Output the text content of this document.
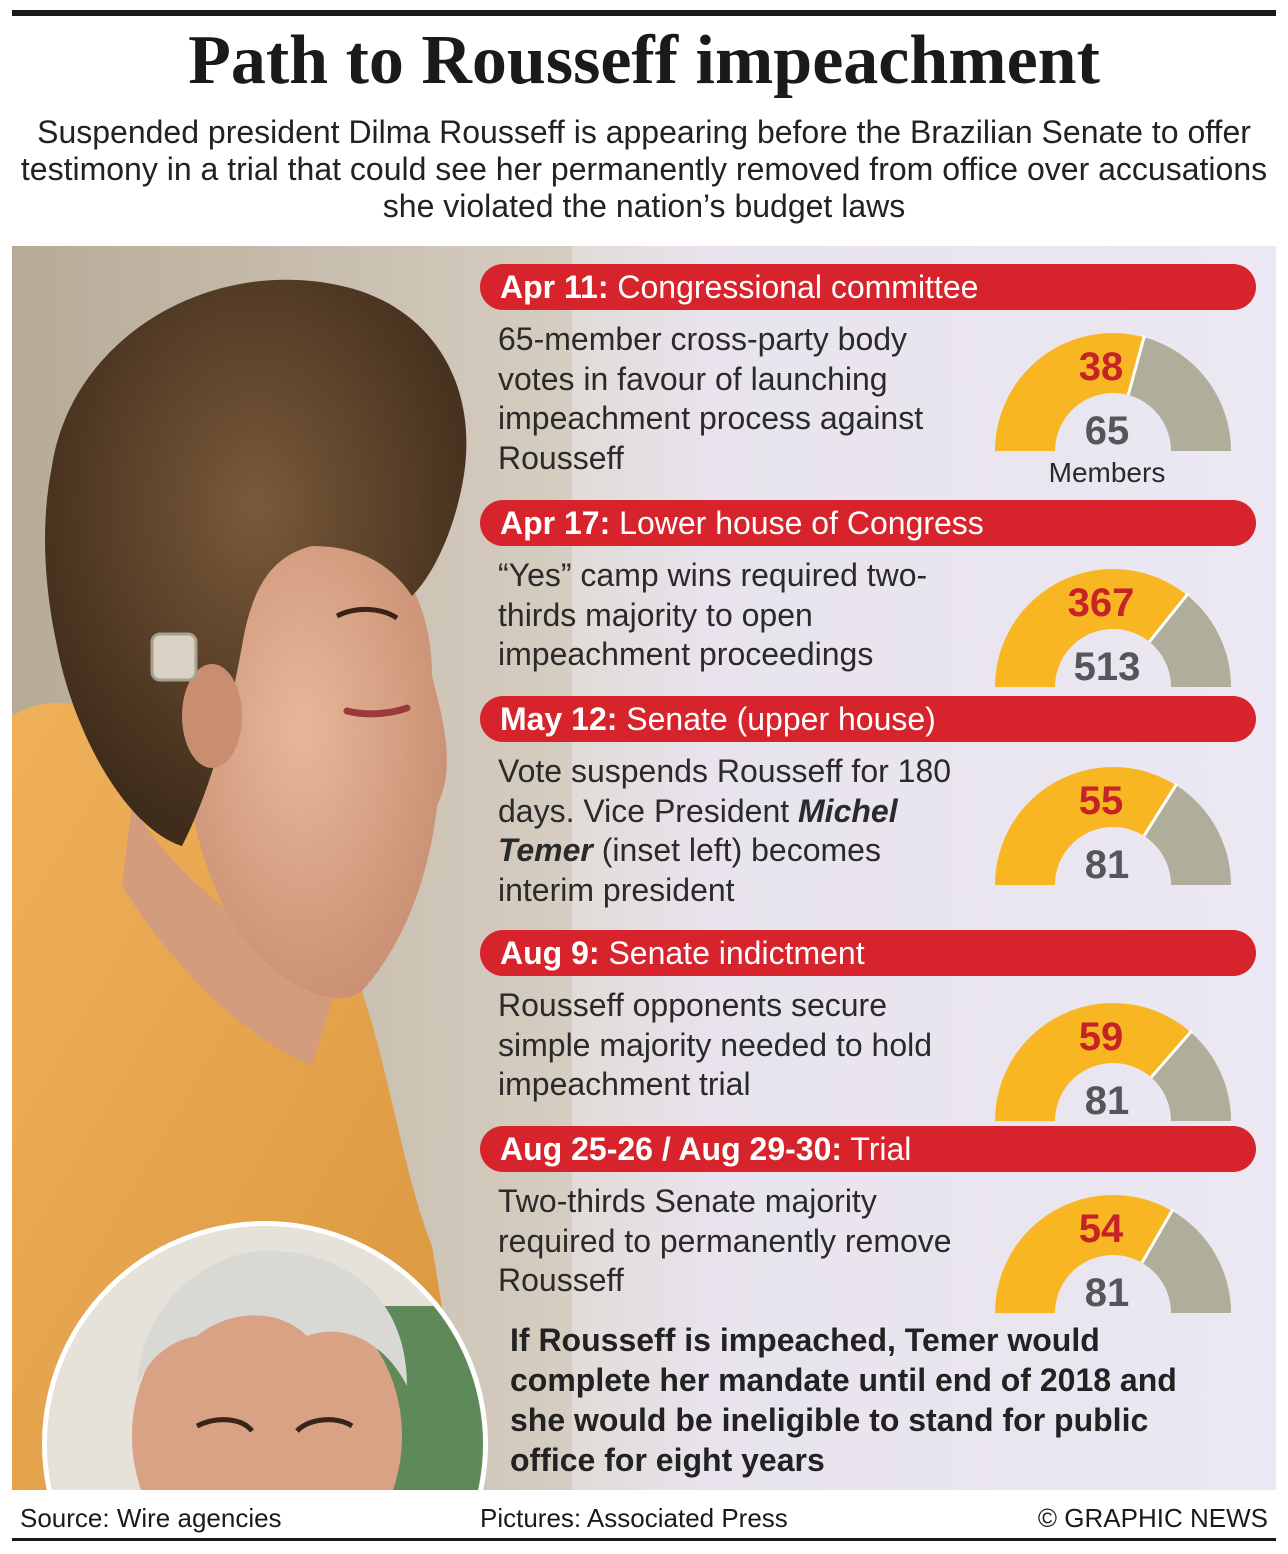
Path to Rousseff impeachment

Suspended president Dilma Rousseff is appearing before the Brazilian Senate to offer testimony in a trial that could see her permanently removed from office over accusations she violated the nation’s budget laws

Apr 11: Congressional committee

65-member cross-party body votes in favour of launching impeachment process against Rousseff

38
65
Members
Apr 17: Lower house of Congress

“Yes” camp wins required two-thirds majority to open impeachment proceedings

367
513
May 12: Senate (upper house)

Vote suspends Rousseff for 180 days. Vice President Michel Temer (inset left) becomes interim president

55
81
Aug 9: Senate indictment

Rousseff opponents secure simple majority needed to hold impeachment trial

59
81
Aug 25-26 / Aug 29-30: Trial

Two-thirds Senate majority required to permanently remove Rousseff

54
81

If Rousseff is impeached, Temer would complete her mandate until end of 2018 and she would be ineligible to stand for public office for eight years

Source: Wire agencies	Pictures: Associated Press	© GRAPHIC NEWS
